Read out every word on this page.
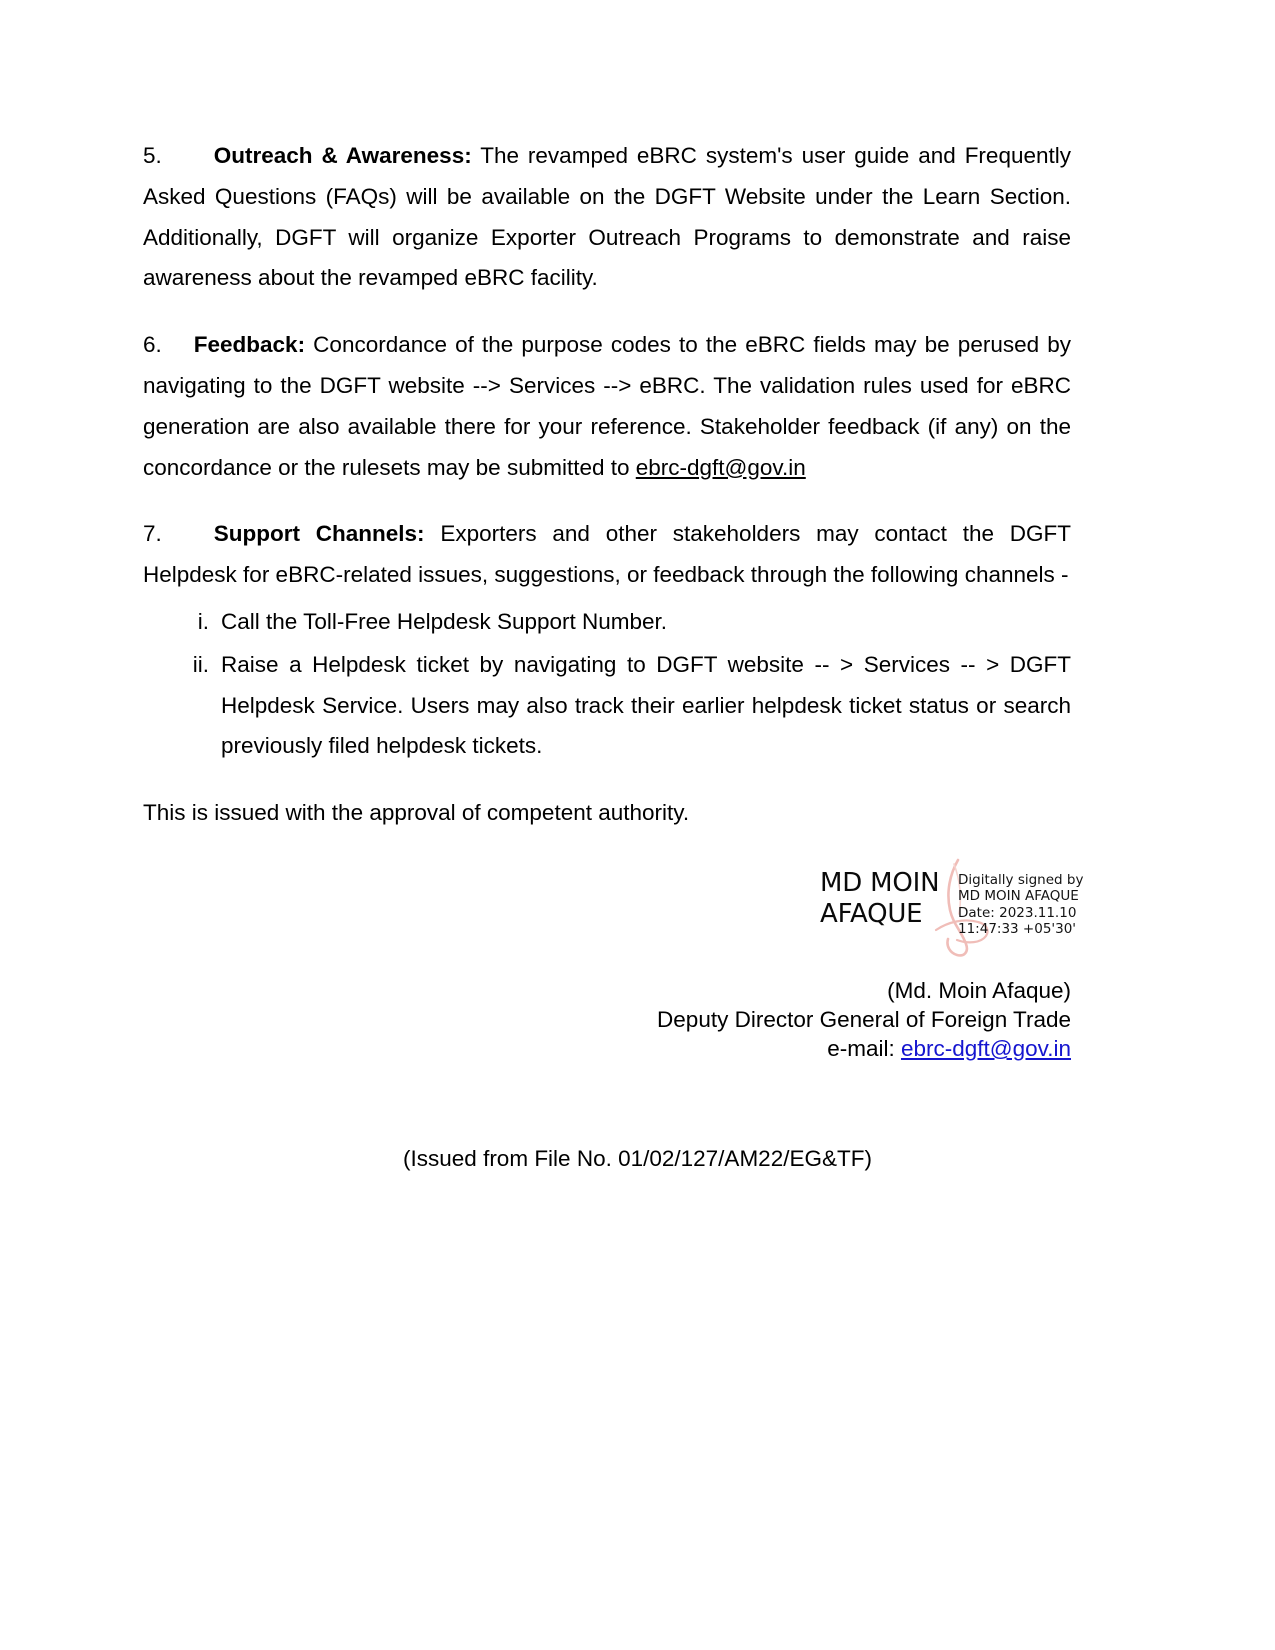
5. Outreach & Awareness: The revamped eBRC system's user guide and Frequently Asked Questions (FAQs) will be available on the DGFT Website under the Learn Section. Additionally, DGFT will organize Exporter Outreach Programs to demonstrate and raise awareness about the revamped eBRC facility.

6. Feedback: Concordance of the purpose codes to the eBRC fields may be perused by navigating to the DGFT website --> Services --> eBRC. The validation rules used for eBRC generation are also available there for your reference. Stakeholder feedback (if any) on the concordance or the rulesets may be submitted to ebrc-dgft@gov.in

7. Support Channels: Exporters and other stakeholders may contact the DGFT Helpdesk for eBRC-related issues, suggestions, or feedback through the following channels -

i. Call the Toll-Free Helpdesk Support Number.
ii. Raise a Helpdesk ticket by navigating to DGFT website -- > Services -- > DGFT Helpdesk Service. Users may also track their earlier helpdesk ticket status or search previously filed helpdesk tickets.

This is issued with the approval of competent authority.

MD MOIN
AFAQUE
Digitally signed by
MD MOIN AFAQUE
Date: 2023.11.10
11:47:33 +05'30'
(Md. Moin Afaque)
Deputy Director General of Foreign Trade
e-mail: ebrc-dgft@gov.in
(Issued from File No. 01/02/127/AM22/EG&TF)
